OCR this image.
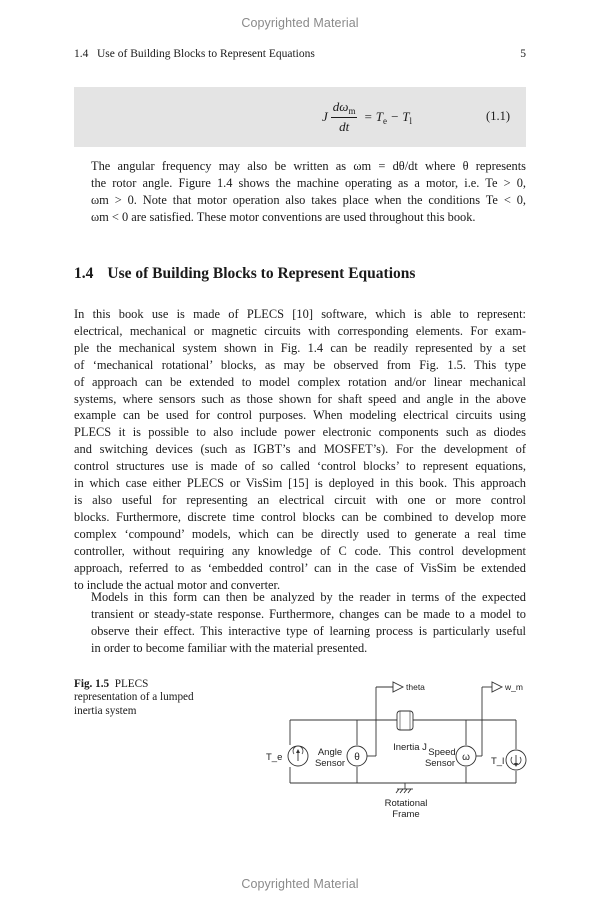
Copyrighted Material
1.4   Use of Building Blocks to Represent Equations	5
J $\frac{d\omega_m}{dt} = T_e - T_l$	(1.1)
The angular frequency may also be written as ωm = dθ/dt where θ represents
the rotor angle. Figure 1.4 shows the machine operating as a motor, i.e. Te > 0,
ωm > 0. Note that motor operation also takes place when the conditions Te < 0,
ωm < 0 are satisfied. These motor conventions are used throughout this book.
1.4 Use of Building Blocks to Represent Equations
In this book use is made of PLECS [10] software, which is able to represent:
electrical, mechanical or magnetic circuits with corresponding elements. For exam-
ple the mechanical system shown in Fig. 1.4 can be readily represented by a set
of ‘mechanical rotational’ blocks, as may be observed from Fig. 1.5. This type
of approach can be extended to model complex rotation and/or linear mechanical
systems, where sensors such as those shown for shaft speed and angle in the above
example can be used for control purposes. When modeling electrical circuits using
PLECS it is possible to also include power electronic components such as diodes
and switching devices (such as IGBT’s and MOSFET’s). For the development of
control structures use is made of so called ‘control blocks’ to represent equations,
in which case either PLECS or VisSim [15] is deployed in this book. This approach
is also useful for representing an electrical circuit with one or more control
blocks. Furthermore, discrete time control blocks can be combined to develop more
complex ‘compound’ models, which can be directly used to generate a real time
controller, without requiring any knowledge of C code. This control development
approach, referred to as ‘embedded control’ can in the case of VisSim be extended
to include the actual motor and converter.
Models in this form can then be analyzed by the reader in terms of the expected
transient or steady-state response. Furthermore, changes can be made to a model to
observe their effect. This interactive type of learning process is particularly useful
in order to become familiar with the material presented.
Fig. 1.5 PLECS representation of a lumped inertia system
theta	w_m
T_e	θ
Angle
Sensor
Inertia J
ω
Speed
Sensor	T_l
Rotational
Frame
Copyrighted Material
